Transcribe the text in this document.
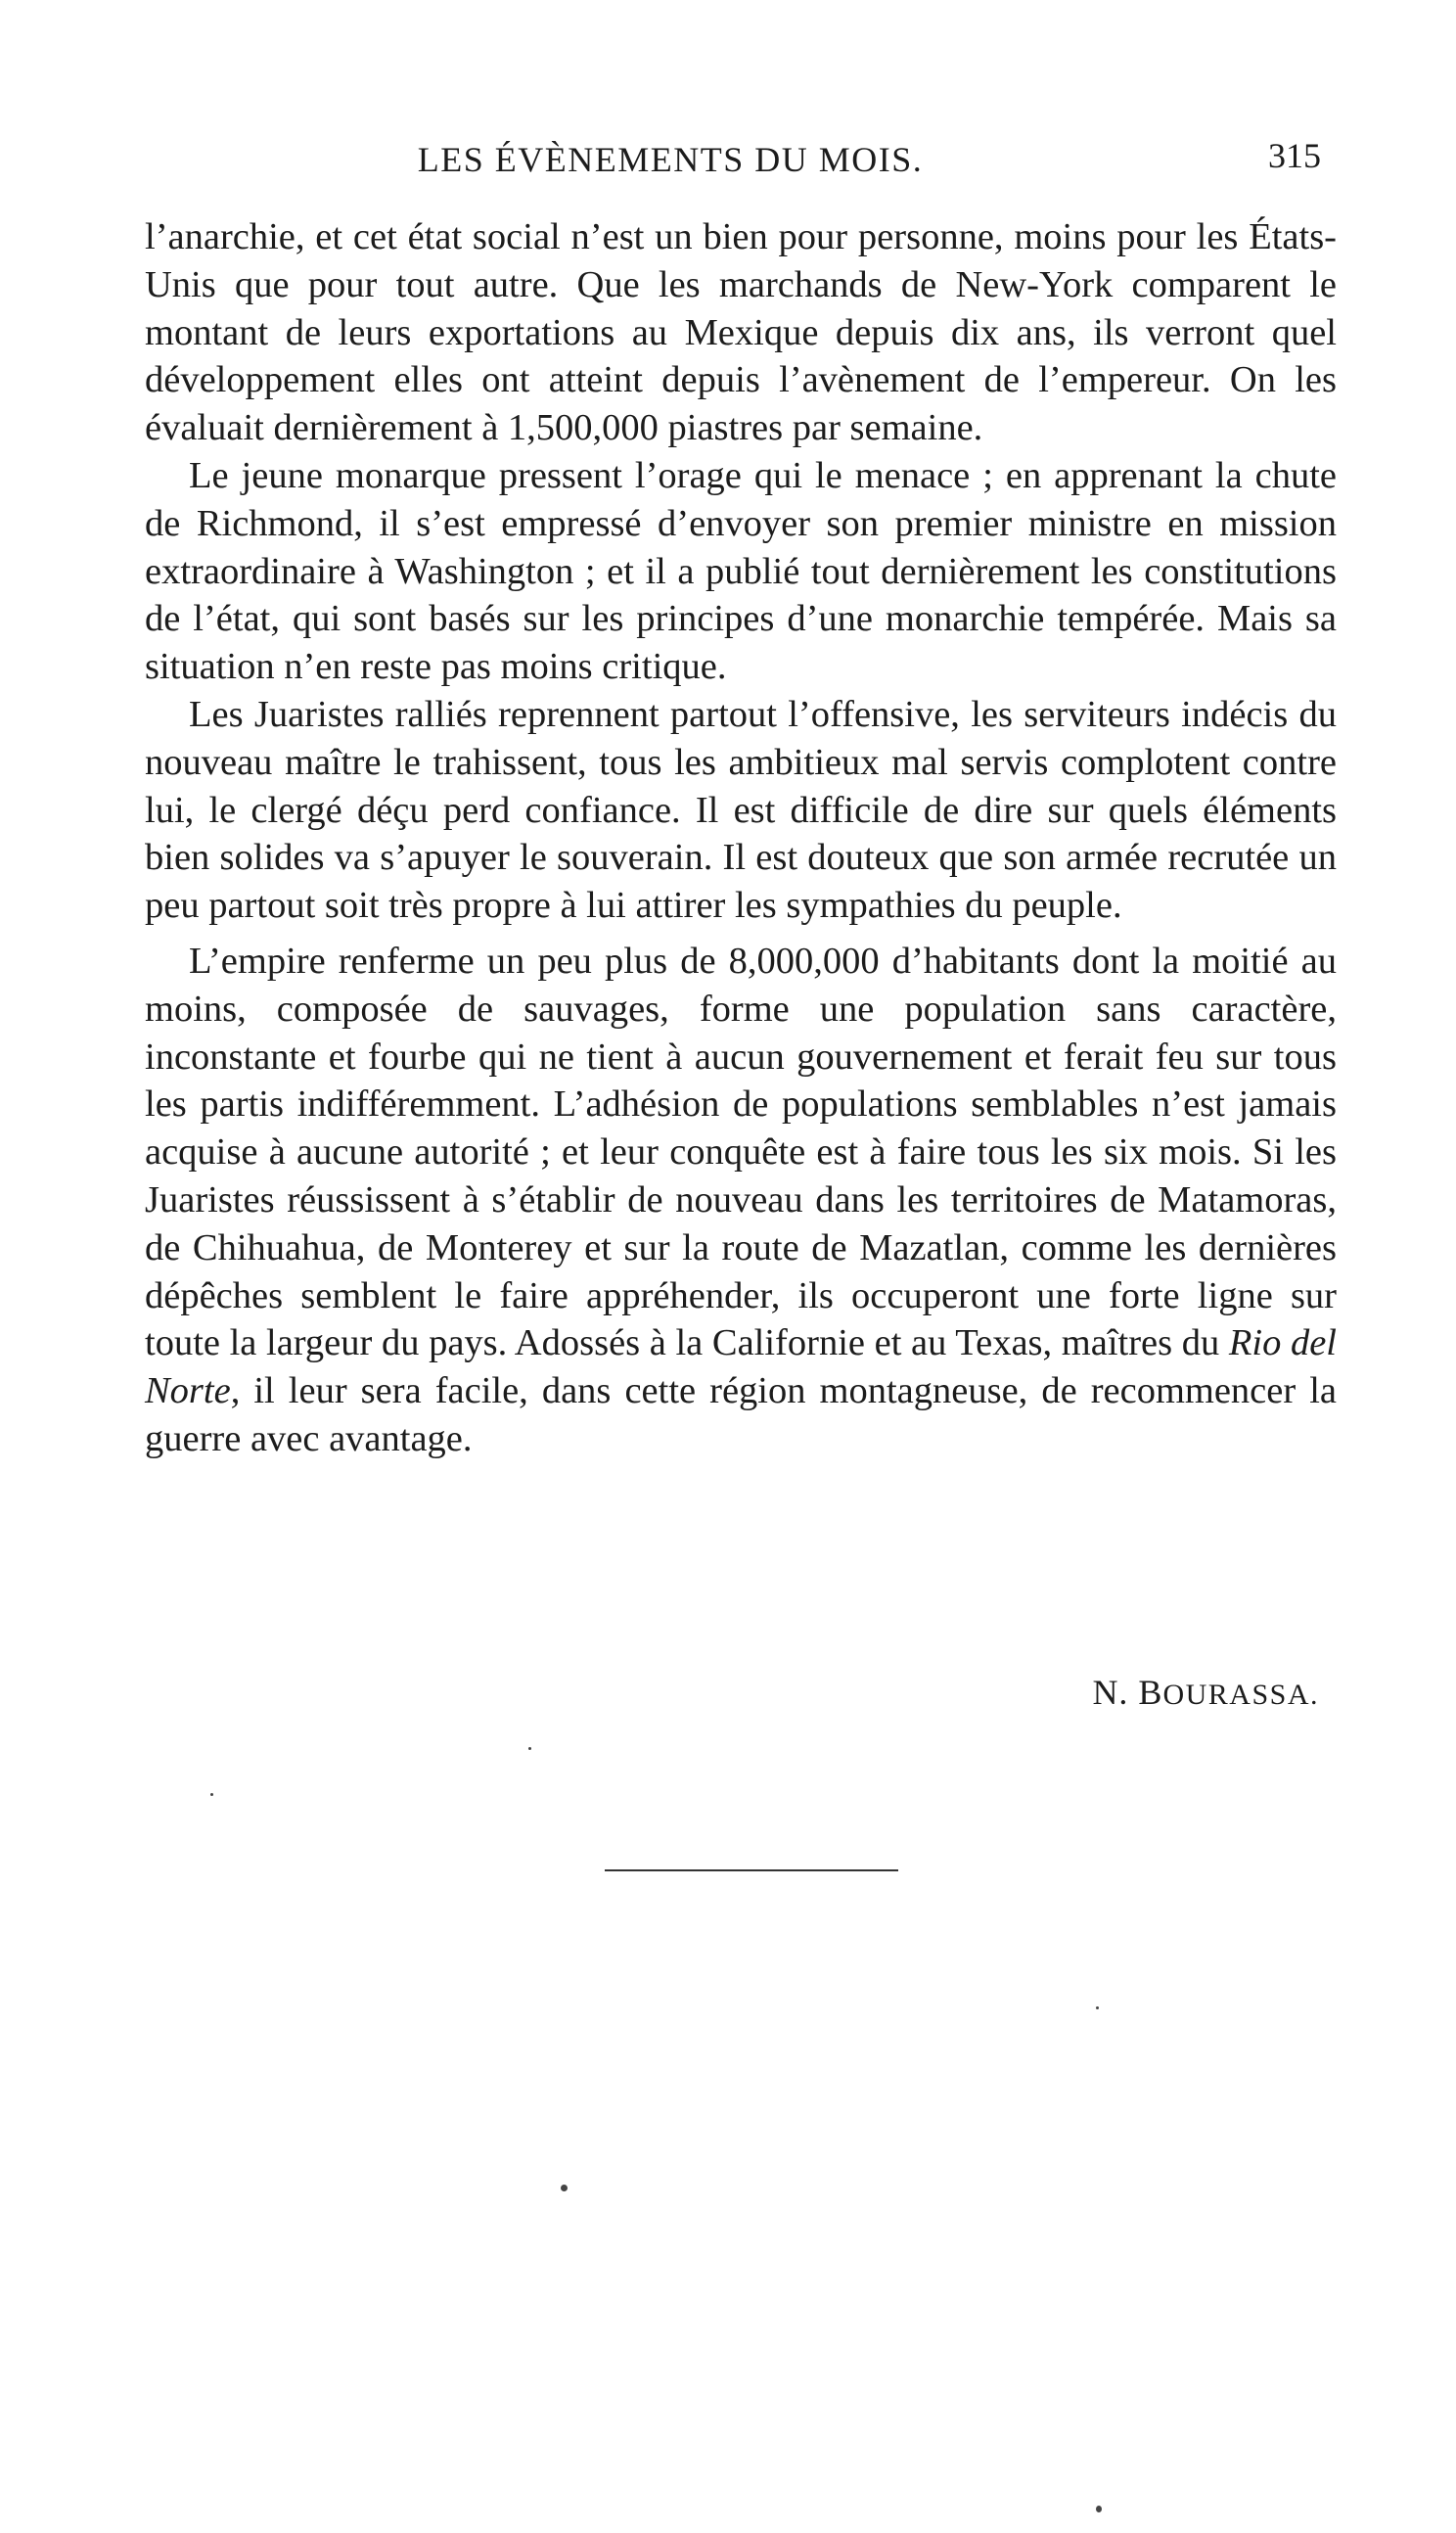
LES ÉVÈNEMENTS DU MOIS.	315

l’anarchie, et cet état social n’est un bien pour personne, moins pour les États-Unis que pour tout autre. Que les marchands de New-York comparent le montant de leurs exportations au Mexique depuis dix ans, ils verront quel développement elles ont atteint depuis l’avènement de l’empereur. On les évaluait dernièrement à 1,500,000 piastres par semaine.

Le jeune monarque pressent l’orage qui le menace ; en apprenant la chute de Richmond, il s’est empressé d’envoyer son premier ministre en mission extraordinaire à Washington ; et il a publié tout dernièrement les constitutions de l’état, qui sont basés sur les principes d’une monarchie tempérée. Mais sa situation n’en reste pas moins critique.

Les Juaristes ralliés reprennent partout l’offensive, les serviteurs indécis du nouveau maître le trahissent, tous les ambitieux mal servis complotent contre lui, le clergé déçu perd confiance. Il est difficile de dire sur quels éléments bien solides va s’apuyer le souverain. Il est douteux que son armée recrutée un peu partout soit très propre à lui attirer les sympathies du peuple.

L’empire renferme un peu plus de 8,000,000 d’habitants dont la moitié au moins, composée de sauvages, forme une population sans caractère, inconstante et fourbe qui ne tient à aucun gouvernement et ferait feu sur tous les partis indifféremment. L’adhésion de populations semblables n’est jamais acquise à aucune autorité ; et leur conquête est à faire tous les six mois. Si les Juaristes réussissent à s’établir de nouveau dans les territoires de Matamoras, de Chihuahua, de Monterey et sur la route de Mazatlan, comme les dernières dépêches semblent le faire appréhender, ils occuperont une forte ligne sur toute la largeur du pays. Adossés à la Californie et au Texas, maîtres du Rio del Norte, il leur sera facile, dans cette région montagneuse, de recommencer la guerre avec avantage.

N. BOURASSA.
